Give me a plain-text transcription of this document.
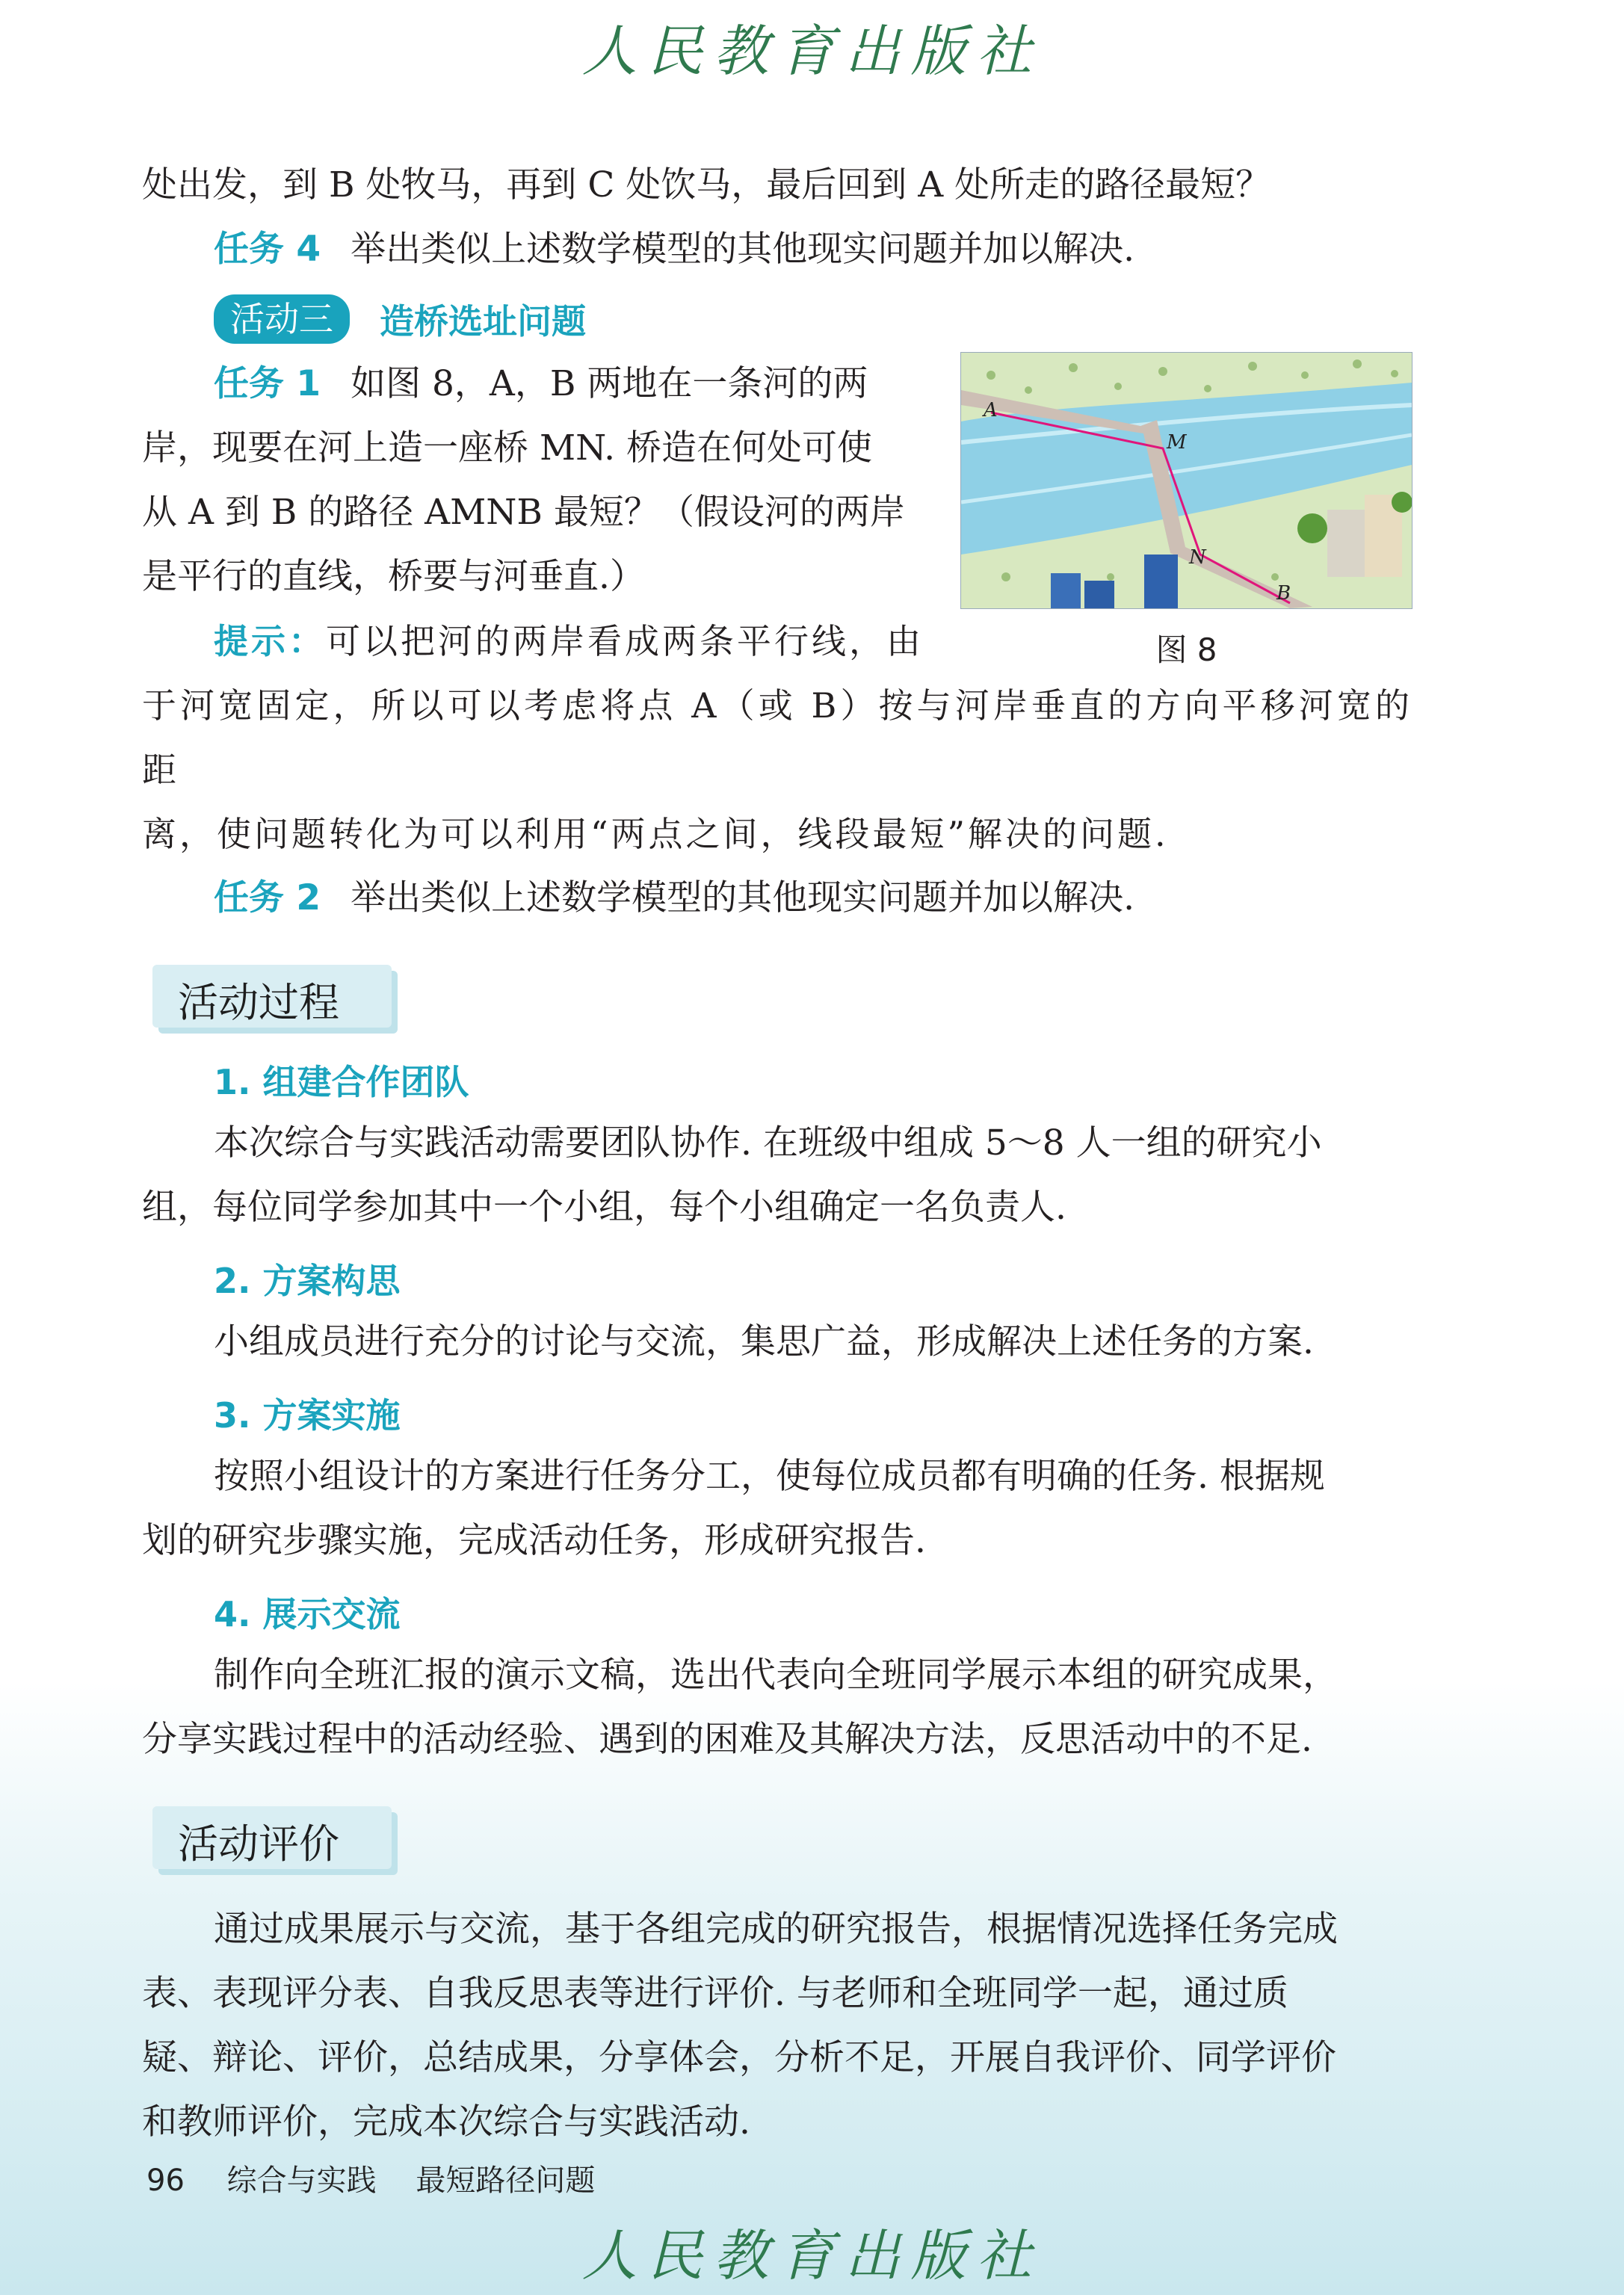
人民教育出版社

处出发，到 B 处牧马，再到 C 处饮马，最后回到 A 处所走的路径最短？

任务 4 举出类似上述数学模型的其他现实问题并加以解决.

活动三	造桥选址问题
A
M
N
B
图 8

任务 1 如图 8，A，B 两地在一条河的两

岸，现要在河上造一座桥 MN. 桥造在何处可使

从 A 到 B 的路径 AMNB 最短？（假设河的两岸

是平行的直线，桥要与河垂直.）

提示：可以把河的两岸看成两条平行线，由

于河宽固定，所以可以考虑将点 A（或 B）按与河岸垂直的方向平移河宽的距

离，使问题转化为可以利用“两点之间，线段最短”解决的问题.

任务 2 举出类似上述数学模型的其他现实问题并加以解决.

活动过程
1. 组建合作团队

本次综合与实践活动需要团队协作. 在班级中组成 5～8 人一组的研究小

组，每位同学参加其中一个小组，每个小组确定一名负责人.

2. 方案构思

小组成员进行充分的讨论与交流，集思广益，形成解决上述任务的方案.

3. 方案实施

按照小组设计的方案进行任务分工，使每位成员都有明确的任务. 根据规

划的研究步骤实施，完成活动任务，形成研究报告.

4. 展示交流

制作向全班汇报的演示文稿，选出代表向全班同学展示本组的研究成果，

分享实践过程中的活动经验、遇到的困难及其解决方法，反思活动中的不足.

活动评价

通过成果展示与交流，基于各组完成的研究报告，根据情况选择任务完成

表、表现评分表、自我反思表等进行评价. 与老师和全班同学一起，通过质

疑、辩论、评价，总结成果，分享体会，分析不足，开展自我评价、同学评价

和教师评价，完成本次综合与实践活动.

96 综合与实践 最短路径问题
人民教育出版社
